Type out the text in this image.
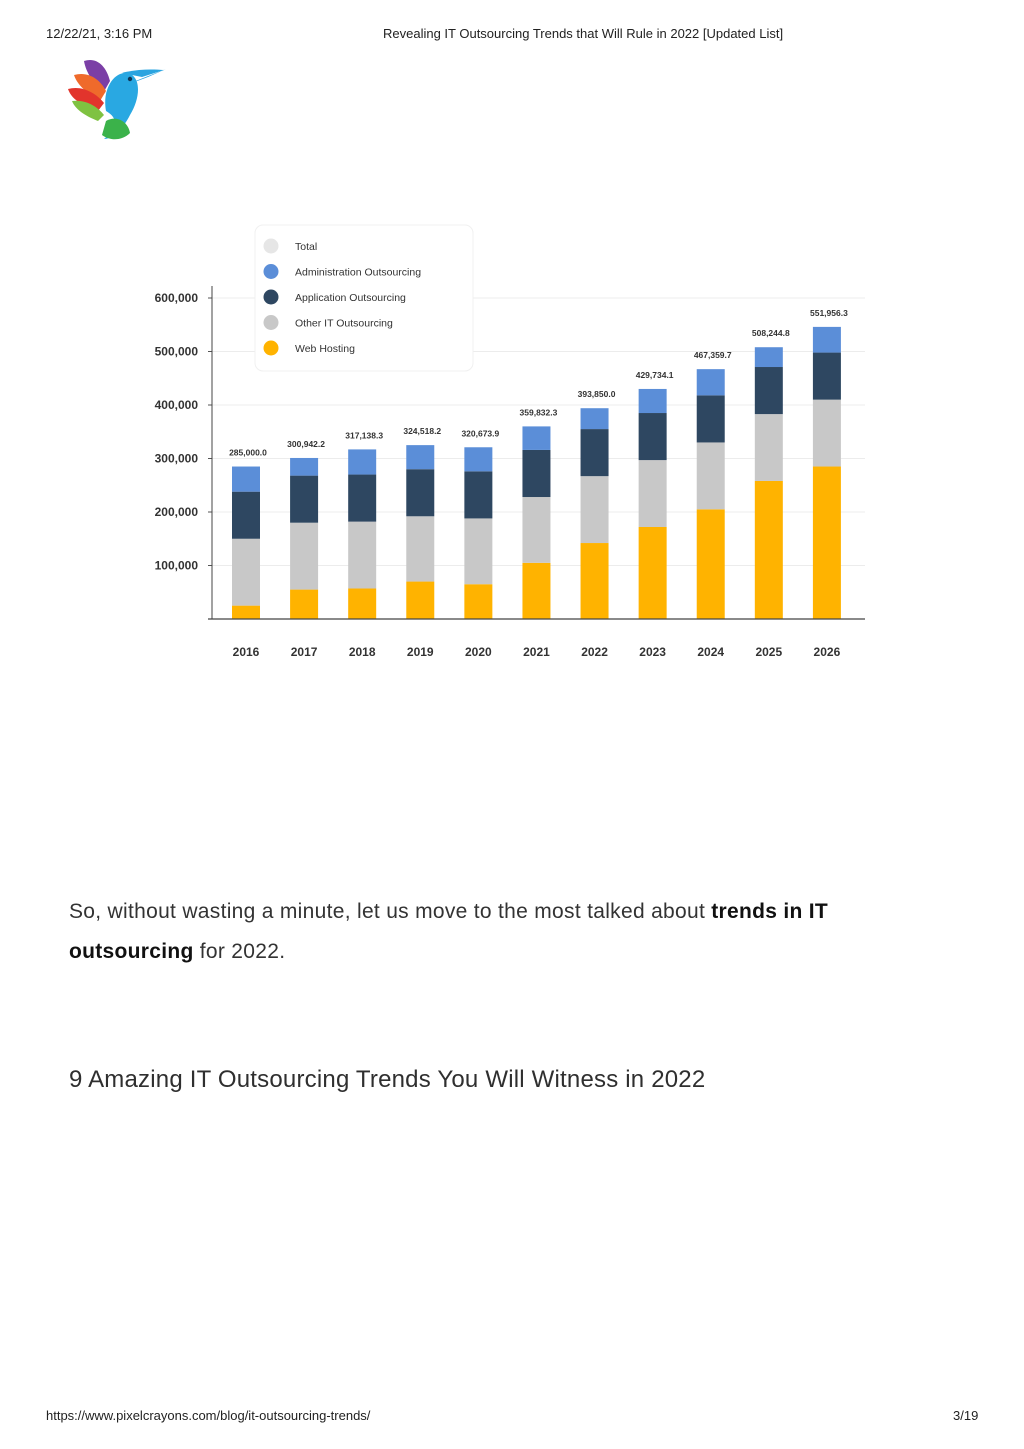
12/22/21, 3:16 PM	Revealing IT Outsourcing Trends that Will Rule in 2022 [Updated List]
100,000
200,000
300,000
400,000
500,000
600,000
285,000.0
2016
300,942.2
2017
317,138.3
2018
324,518.2
2019
320,673.9
2020
359,832.3
2021
393,850.0
2022
429,734.1
2023
467,359.7
2024
508,244.8
2025
551,956.3
2026
Total
Administration Outsourcing
Application Outsourcing
Other IT Outsourcing
Web Hosting
So, without wasting a minute, let us move to the most talked about trends in IT outsourcing for 2022.
9 Amazing IT Outsourcing Trends You Will Witness in 2022
https://www.pixelcrayons.com/blog/it-outsourcing-trends/	3/19
